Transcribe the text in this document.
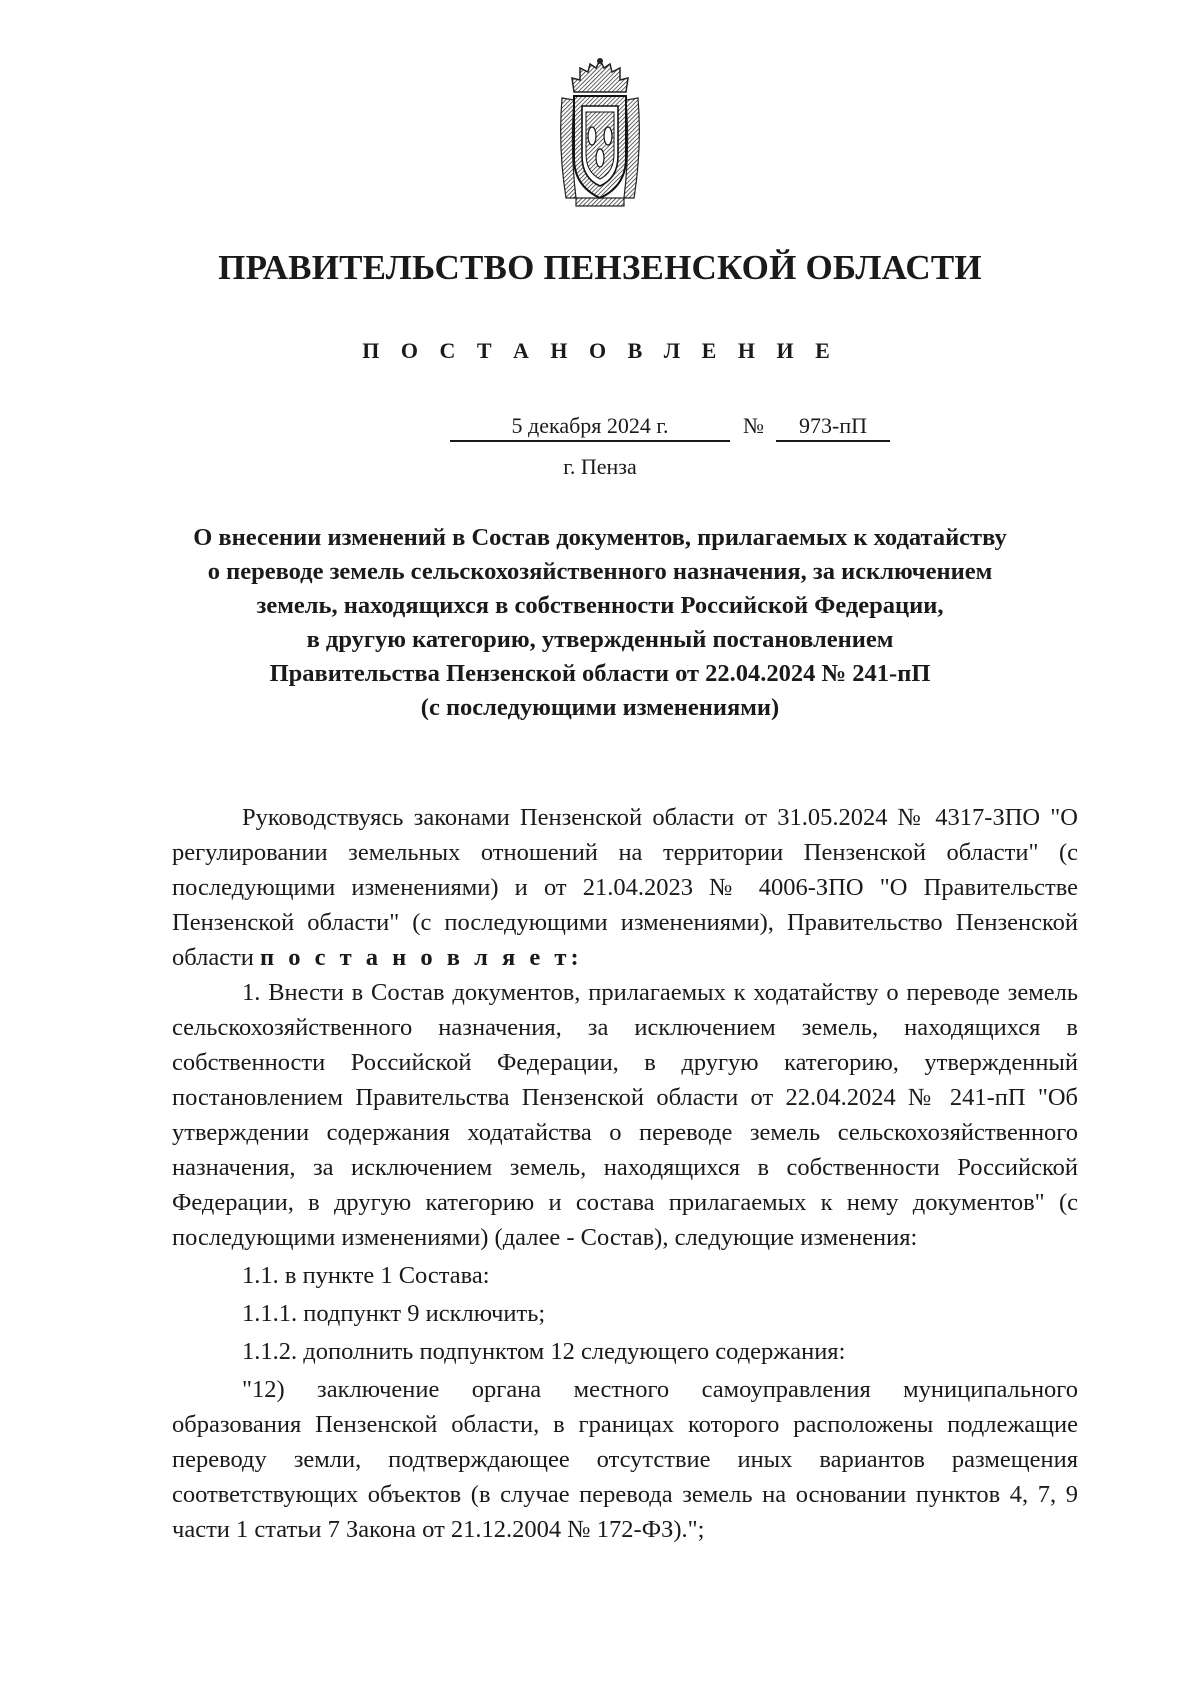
ПРАВИТЕЛЬСТВО ПЕНЗЕНСКОЙ ОБЛАСТИ
П О С Т А Н О В Л Е Н И Е
5 декабря 2024 г.	№	973-пП
г. Пенза
О внесении изменений в Состав документов, прилагаемых к ходатайству
о переводе земель сельскохозяйственного назначения, за исключением
земель, находящихся в собственности Российской Федерации,
в другую категорию, утвержденный постановлением
Правительства Пензенской области от 22.04.2024 № 241-пП
(с последующими изменениями)

Руководствуясь законами Пензенской области от 31.05.2024 № 4317-ЗПО "О регулировании земельных отношений на территории Пензенской области" (с последующими изменениями) и от 21.04.2023 № 4006-ЗПО "О Правительстве Пензенской области" (с последующими изменениями), Правительство Пензенской области п о с т а н о в л я е т:

1. Внести в Состав документов, прилагаемых к ходатайству о переводе земель сельскохозяйственного назначения, за исключением земель, находящихся в собственности Российской Федерации, в другую категорию, утвержденный постановлением Правительства Пензенской области от 22.04.2024 № 241-пП "Об утверждении содержания ходатайства о переводе земель сельскохозяйственного назначения, за исключением земель, находящихся в собственности Российской Федерации, в другую категорию и состава прилагаемых к нему документов" (с последующими изменениями) (далее - Состав), следующие изменения:

1.1. в пункте 1 Состава:

1.1.1. подпункт 9 исключить;

1.1.2. дополнить подпунктом 12 следующего содержания:

"12) заключение органа местного самоуправления муниципального образования Пензенской области, в границах которого расположены подлежащие переводу земли, подтверждающее отсутствие иных вариантов размещения соответствующих объектов (в случае перевода земель на основании пунктов 4, 7, 9 части 1 статьи 7 Закона от 21.12.2004 № 172-ФЗ).";
